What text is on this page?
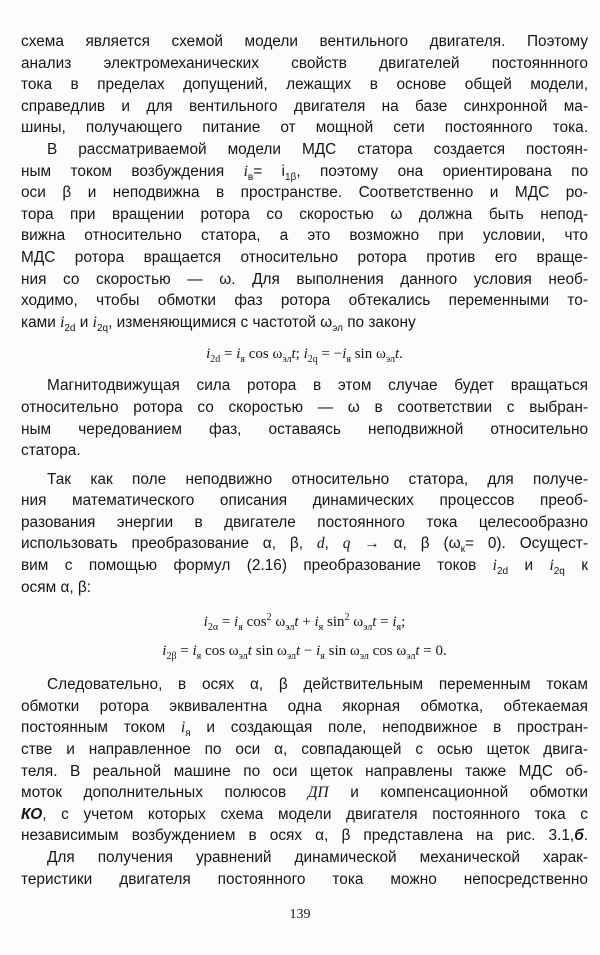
схема является схемой модели вентильного двигателя. Поэтому
анализ электромеханических свойств двигателей постояннного
тока в пределах допущений, лежащих в основе общей модели,
справедлив и для вентильного двигателя на базе синхронной ма-
шины, получающего питание от мощной сети постоянного тока.
В рассматриваемой модели МДС статора создается постоян-
ным током возбуждения $i_в= i_{1\beta}$, поэтому она ориентирована по
оси β и неподвижна в пространстве. Соответственно и МДС ро-
тора при вращении ротора со скоростью ω должна быть непод-
вижна относительно статора, а это возможно при условии, что
МДС ротора вращается относительно ротора против его враще-
ния со скоростью — ω. Для выполнения данного условия необ-
ходимо, чтобы обмотки фаз ротора обтекались переменными то-
ками $i_{2d}$ и $i_{2q}$, изменяющимися с частотой $\omega_{эл}$ по закону
$i_{2d} = i_я$ $\cos \omega_{эл}t$; $i_{2q} = -i_я$ $\sin \omega_{эл}t$.
Магнитодвижущая сила ротора в этом случае будет вращаться
относительно ротора со скоростью — ω в соответствии с выбран-
ным чередованием фаз, оставаясь неподвижной относительно
статора.
Так как поле неподвижно относительно статора, для получе-
ния математического описания динамических процессов преоб-
разования энергии в двигателе постоянного тока целесообразно
использовать преобразование α, β, d, q → α, β $(\omega_к= 0)$. Осущест-
вим с помощью формул (2.16) преобразование токов $i_{2d}$ и $i_{2q}$ к
осям α, β:
$i_{2\alpha} = i_я$ $\cos^2 \omega_{эл}t + i_я$ $\sin^2 \omega_{эл}t = i_я$;
$i_{2\beta} = i_я$ $\cos \omega_{эл}t$ $\sin \omega_{эл}t - i_я$ $\sin \omega_{эл}$ $\cos \omega_{эл}t = 0$.
Следовательно, в осях α, β действительным переменным токам
обмотки ротора эквивалентна одна якорная обмотка, обтекаемая
постоянным током $i_я$ и создающая поле, неподвижное в простран-
стве и направленное по оси α, совпадающей с осью щеток двига-
теля. В реальной машине по оси щеток направлены также МДС об-
моток дополнительных полюсов ДП и компенсационной обмотки
КО, с учетом которых схема модели двигателя постоянного тока с
независимым возбуждением в осях α, β представлена на рис. 3.1,б.
Для получения уравнений динамической механической харак-
теристики двигателя постоянного тока можно непосредственно
139
